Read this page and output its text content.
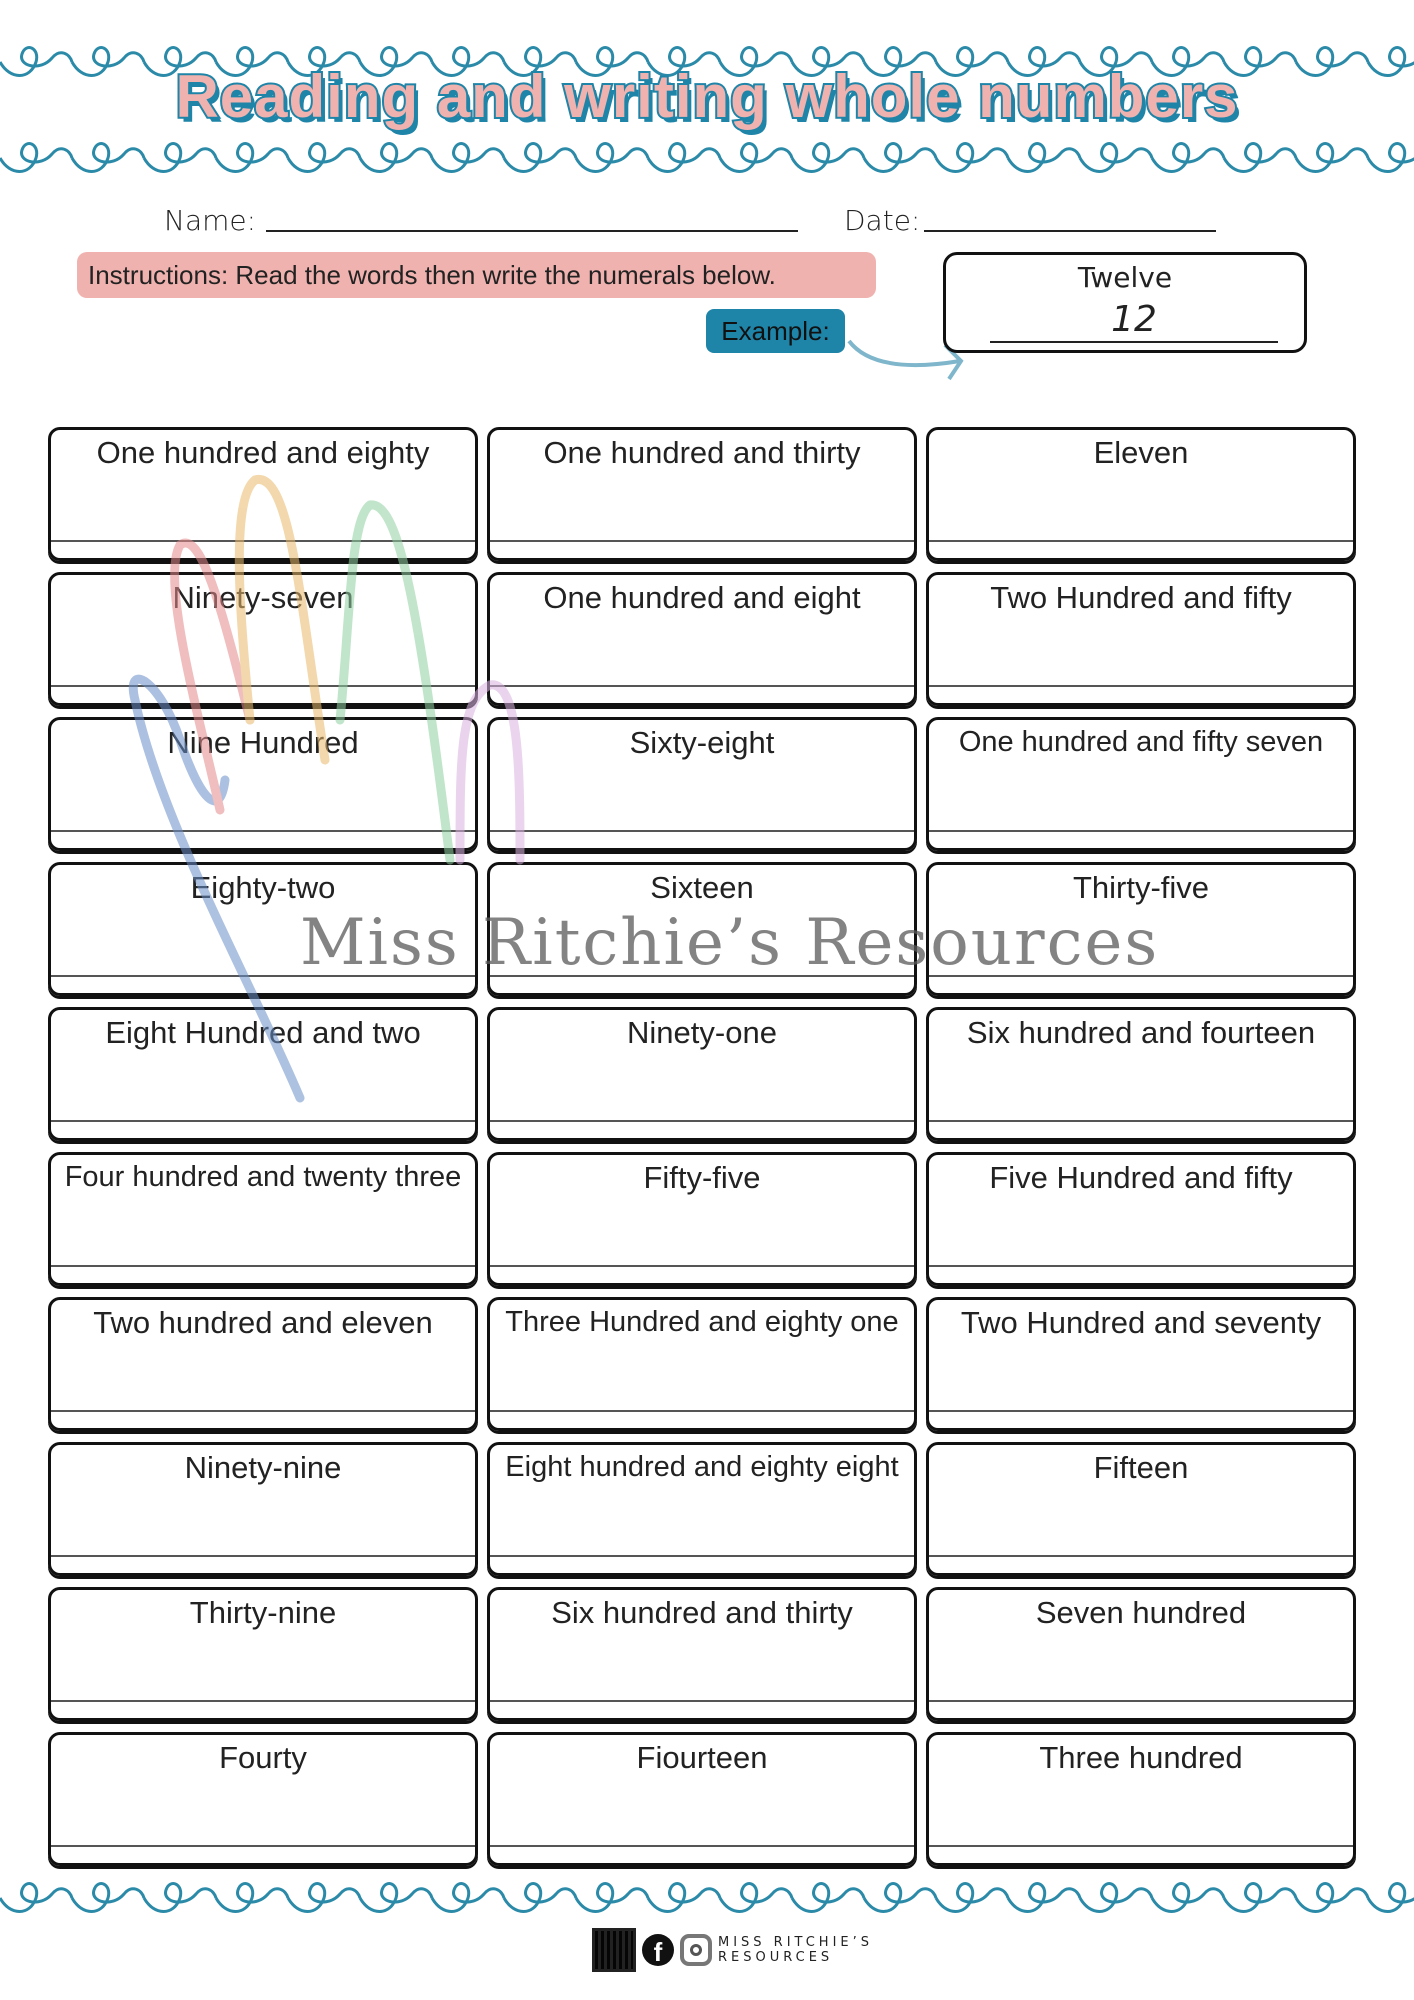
Reading and writing whole numbers
Name:	Date:
Instructions: Read the words then write the numerals below.
Example:
Twelve
12
One hundred and eighty	One hundred and thirty	Eleven
Ninety-seven	One hundred and eight	Two Hundred and fifty
Nine Hundred	Sixty-eight	One hundred and fifty seven
Eighty-two	Sixteen	Thirty-five
Eight Hundred and two	Ninety-one	Six hundred and fourteen
Four hundred and twenty three	Fifty-five	Five Hundred and fifty
Two hundred and eleven	Three Hundred and eighty one	Two Hundred and seventy
Ninety-nine	Eight hundred and eighty eight	Fifteen
Thirty-nine	Six hundred and thirty	Seven hundred
Fourty	Fiourteen	Three hundred
Miss Ritchie’s Resources
f	MISS RITCHIE’S
RESOURCES
